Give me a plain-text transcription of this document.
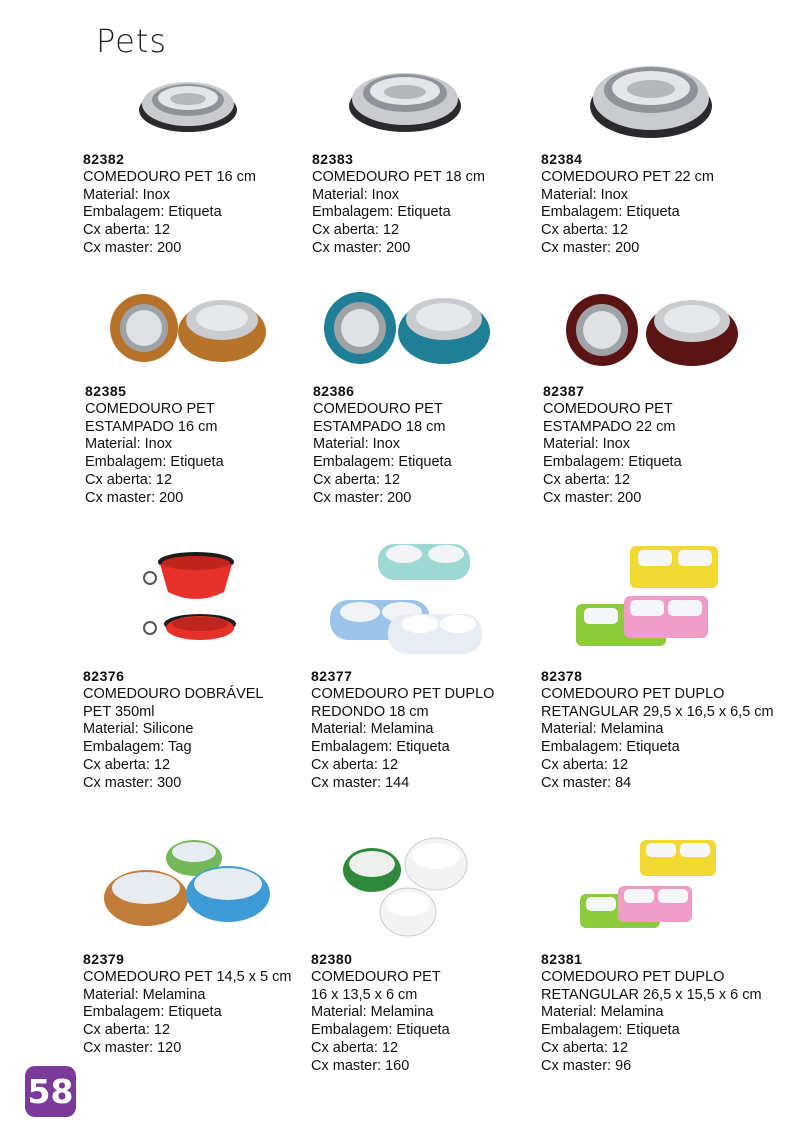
Pets
82382
COMEDOURO PET 16 cm
Material: Inox
Embalagem: Etiqueta
Cx aberta: 12
Cx master: 200
82383
COMEDOURO PET 18 cm
Material: Inox
Embalagem: Etiqueta
Cx aberta: 12
Cx master: 200
82384
COMEDOURO PET 22 cm
Material: Inox
Embalagem: Etiqueta
Cx aberta: 12
Cx master: 200
82385
COMEDOURO PET
ESTAMPADO 16 cm
Material: Inox
Embalagem: Etiqueta
Cx aberta: 12
Cx master: 200
82386
COMEDOURO PET
ESTAMPADO 18 cm
Material: Inox
Embalagem: Etiqueta
Cx aberta: 12
Cx master: 200
82387
COMEDOURO PET
ESTAMPADO 22 cm
Material: Inox
Embalagem: Etiqueta
Cx aberta: 12
Cx master: 200
82376
COMEDOURO DOBRÁVEL
PET 350ml
Material: Silicone
Embalagem: Tag
Cx aberta: 12
Cx master: 300
82377
COMEDOURO PET DUPLO
REDONDO 18 cm
Material: Melamina
Embalagem: Etiqueta
Cx aberta: 12
Cx master: 144
82378
COMEDOURO PET DUPLO
RETANGULAR 29,5 x 16,5 x 6,5 cm
Material: Melamina
Embalagem: Etiqueta
Cx aberta: 12
Cx master: 84
82379
COMEDOURO PET 14,5 x 5 cm
Material: Melamina
Embalagem: Etiqueta
Cx aberta: 12
Cx master: 120
82380
COMEDOURO PET
16 x 13,5 x 6 cm
Material: Melamina
Embalagem: Etiqueta
Cx aberta: 12
Cx master: 160
82381
COMEDOURO PET DUPLO
RETANGULAR 26,5 x 15,5 x 6 cm
Material: Melamina
Embalagem: Etiqueta
Cx aberta: 12
Cx master: 96
58
